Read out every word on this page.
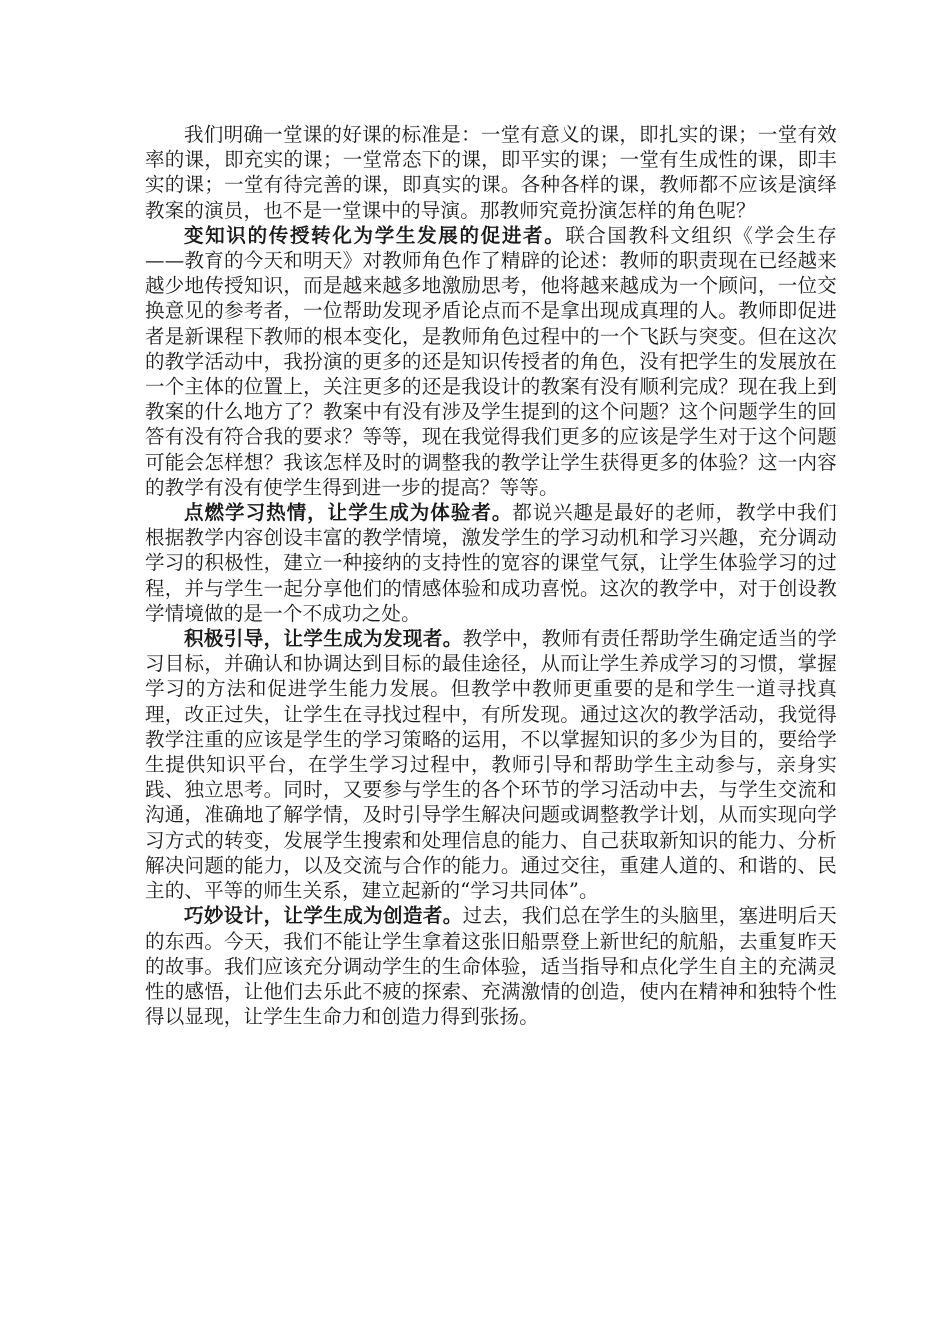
我们明确一堂课的好课的标准是：一堂有意义的课，即扎实的课；一堂有效率的课，即充实的课；一堂常态下的课，即平实的课；一堂有生成性的课，即丰实的课；一堂有待完善的课，即真实的课。各种各样的课，教师都不应该是演绎教案的演员，也不是一堂课中的导演。那教师究竟扮演怎样的角色呢？

变知识的传授转化为学生发展的促进者。联合国教科文组织《学会生存——教育的今天和明天》对教师角色作了精辟的论述：教师的职责现在已经越来越少地传授知识，而是越来越多地激励思考，他将越来越成为一个顾问，一位交换意见的参考者，一位帮助发现矛盾论点而不是拿出现成真理的人。教师即促进者是新课程下教师的根本变化，是教师角色过程中的一个飞跃与突变。但在这次的教学活动中，我扮演的更多的还是知识传授者的角色，没有把学生的发展放在一个主体的位置上，关注更多的还是我设计的教案有没有顺利完成？现在我上到教案的什么地方了？教案中有没有涉及学生提到的这个问题？这个问题学生的回答有没有符合我的要求？等等，现在我觉得我们更多的应该是学生对于这个问题可能会怎样想？我该怎样及时的调整我的教学让学生获得更多的体验？这一内容的教学有没有使学生得到进一步的提高？等等。

点燃学习热情，让学生成为体验者。都说兴趣是最好的老师，教学中我们根据教学内容创设丰富的教学情境，激发学生的学习动机和学习兴趣，充分调动学习的积极性，建立一种接纳的支持性的宽容的课堂气氛，让学生体验学习的过程，并与学生一起分享他们的情感体验和成功喜悦。这次的教学中，对于创设教学情境做的是一个不成功之处。

积极引导，让学生成为发现者。教学中，教师有责任帮助学生确定适当的学习目标，并确认和协调达到目标的最佳途径，从而让学生养成学习的习惯，掌握学习的方法和促进学生能力发展。但教学中教师更重要的是和学生一道寻找真理，改正过失，让学生在寻找过程中，有所发现。通过这次的教学活动，我觉得教学注重的应该是学生的学习策略的运用，不以掌握知识的多少为目的，要给学生提供知识平台，在学生学习过程中，教师引导和帮助学生主动参与，亲身实践、独立思考。同时，又要参与学生的各个环节的学习活动中去，与学生交流和沟通，准确地了解学情，及时引导学生解决问题或调整教学计划，从而实现向学习方式的转变，发展学生搜索和处理信息的能力、自己获取新知识的能力、分析解决问题的能力，以及交流与合作的能力。通过交往，重建人道的、和谐的、民主的、平等的师生关系，建立起新的“学习共同体”。

巧妙设计，让学生成为创造者。过去，我们总在学生的头脑里，塞进明后天的东西。今天，我们不能让学生拿着这张旧船票登上新世纪的航船，去重复昨天的故事。我们应该充分调动学生的生命体验，适当指导和点化学生自主的充满灵性的感悟，让他们去乐此不疲的探索、充满激情的创造，使内在精神和独特个性得以显现，让学生生命力和创造力得到张扬。
